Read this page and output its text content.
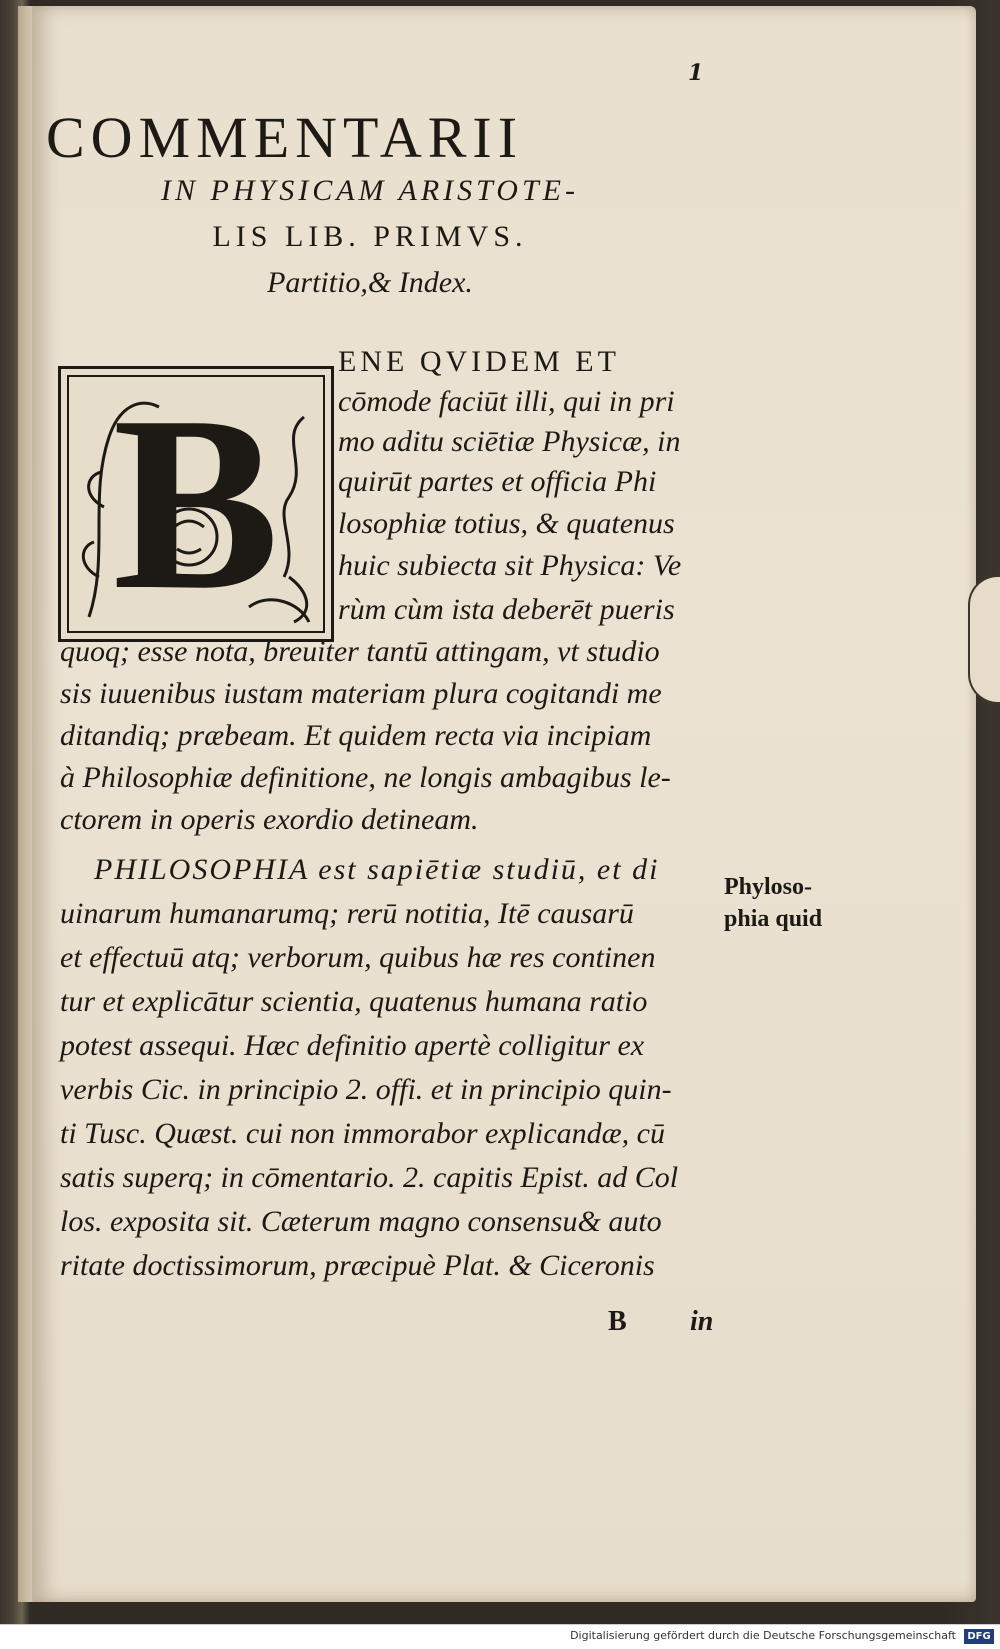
1
COMMENTARII
IN PHYSICAM ARISTOTE-
LIS LIB. PRIMVS.
Partitio,& Index.
B
ENE QVIDEM ET
cōmode faciūt illi, qui in pri
mo aditu sciētiæ Physicæ, in
quirūt partes et officia Phi
losophiæ totius, & quatenus
huic subiecta sit Physica: Ve
rùm cùm ista deberēt pueris
quoq; esse nota, breuiter tantū attingam, vt studio
sis iuuenibus iustam materiam plura cogitandi me
ditandiq; præbeam. Et quidem recta via incipiam
à Philosophiæ definitione, ne longis ambagibus le-
ctorem in operis exordio detineam.
PHILOSOPHIA est sapiētiæ studiū, et di
uinarum humanarumq; rerū notitia, Itē causarū
et effectuū atq; verborum, quibus hæ res continen
tur et explicātur scientia, quatenus humana ratio
potest assequi. Hæc definitio apertè colligitur ex
verbis Cic. in principio 2. offi. et in principio quin-
ti Tusc. Quæst. cui non immorabor explicandæ, cū
satis superq; in cōmentario. 2. capitis Epist. ad Col
los. exposita sit. Cæterum magno consensu& auto
ritate doctissimorum, præcipuè Plat. & Ciceronis
Phyloso-
phia quid
B in
Digitalisierung gefördert durch die Deutsche Forschungsgemeinschaft	DFG
